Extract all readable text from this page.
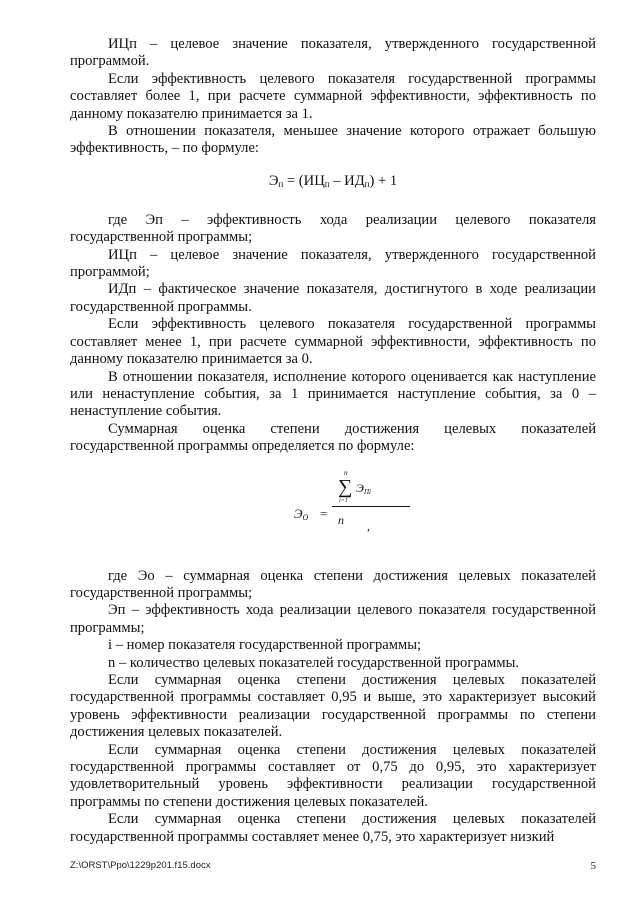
ИЦп – целевое значение показателя, утвержденного государственной программой.

Если эффективность целевого показателя государственной программы составляет более 1, при расчете суммарной эффективности, эффективность по данному показателю принимается за 1.

В отношении показателя, меньшее значение которого отражает большую эффективность, – по формуле:

$Э_п = (ИЦ_п - ИД_п) + 1$

где Эп – эффективность хода реализации целевого показателя государственной программы;

ИЦп – целевое значение показателя, утвержденного государственной программой;

ИДп – фактическое значение показателя, достигнутого в ходе реализации государственной программы.

Если эффективность целевого показателя государственной программы составляет менее 1, при расчете суммарной эффективности, эффективность по данному показателю принимается за 0.

В отношении показателя, исполнение которого оценивается как наступление или ненаступление события, за 1 принимается наступление события, за 0 – ненаступление события.

Суммарная оценка степени достижения целевых показателей государственной программы определяется по формуле:

$Э_О$ =
n
∑
i=1
Э Пi
n ,

где Эо – суммарная оценка степени достижения целевых показателей государственной программы;

Эп – эффективность хода реализации целевого показателя государственной программы;

i – номер показателя государственной программы;

n – количество целевых показателей государственной программы.

Если суммарная оценка степени достижения целевых показателей государственной программы составляет 0,95 и выше, это характеризует высокий уровень эффективности реализации государственной программы по степени достижения целевых показателей.

Если суммарная оценка степени достижения целевых показателей государственной программы составляет от 0,75 до 0,95, это характеризует удовлетворительный уровень эффективности реализации государственной программы по степени достижения целевых показателей.

Если суммарная оценка степени достижения целевых показателей государственной программы составляет менее 0,75, это характеризует низкий

Z:\ORST\Ppo\1229p201.f15.docx	5
